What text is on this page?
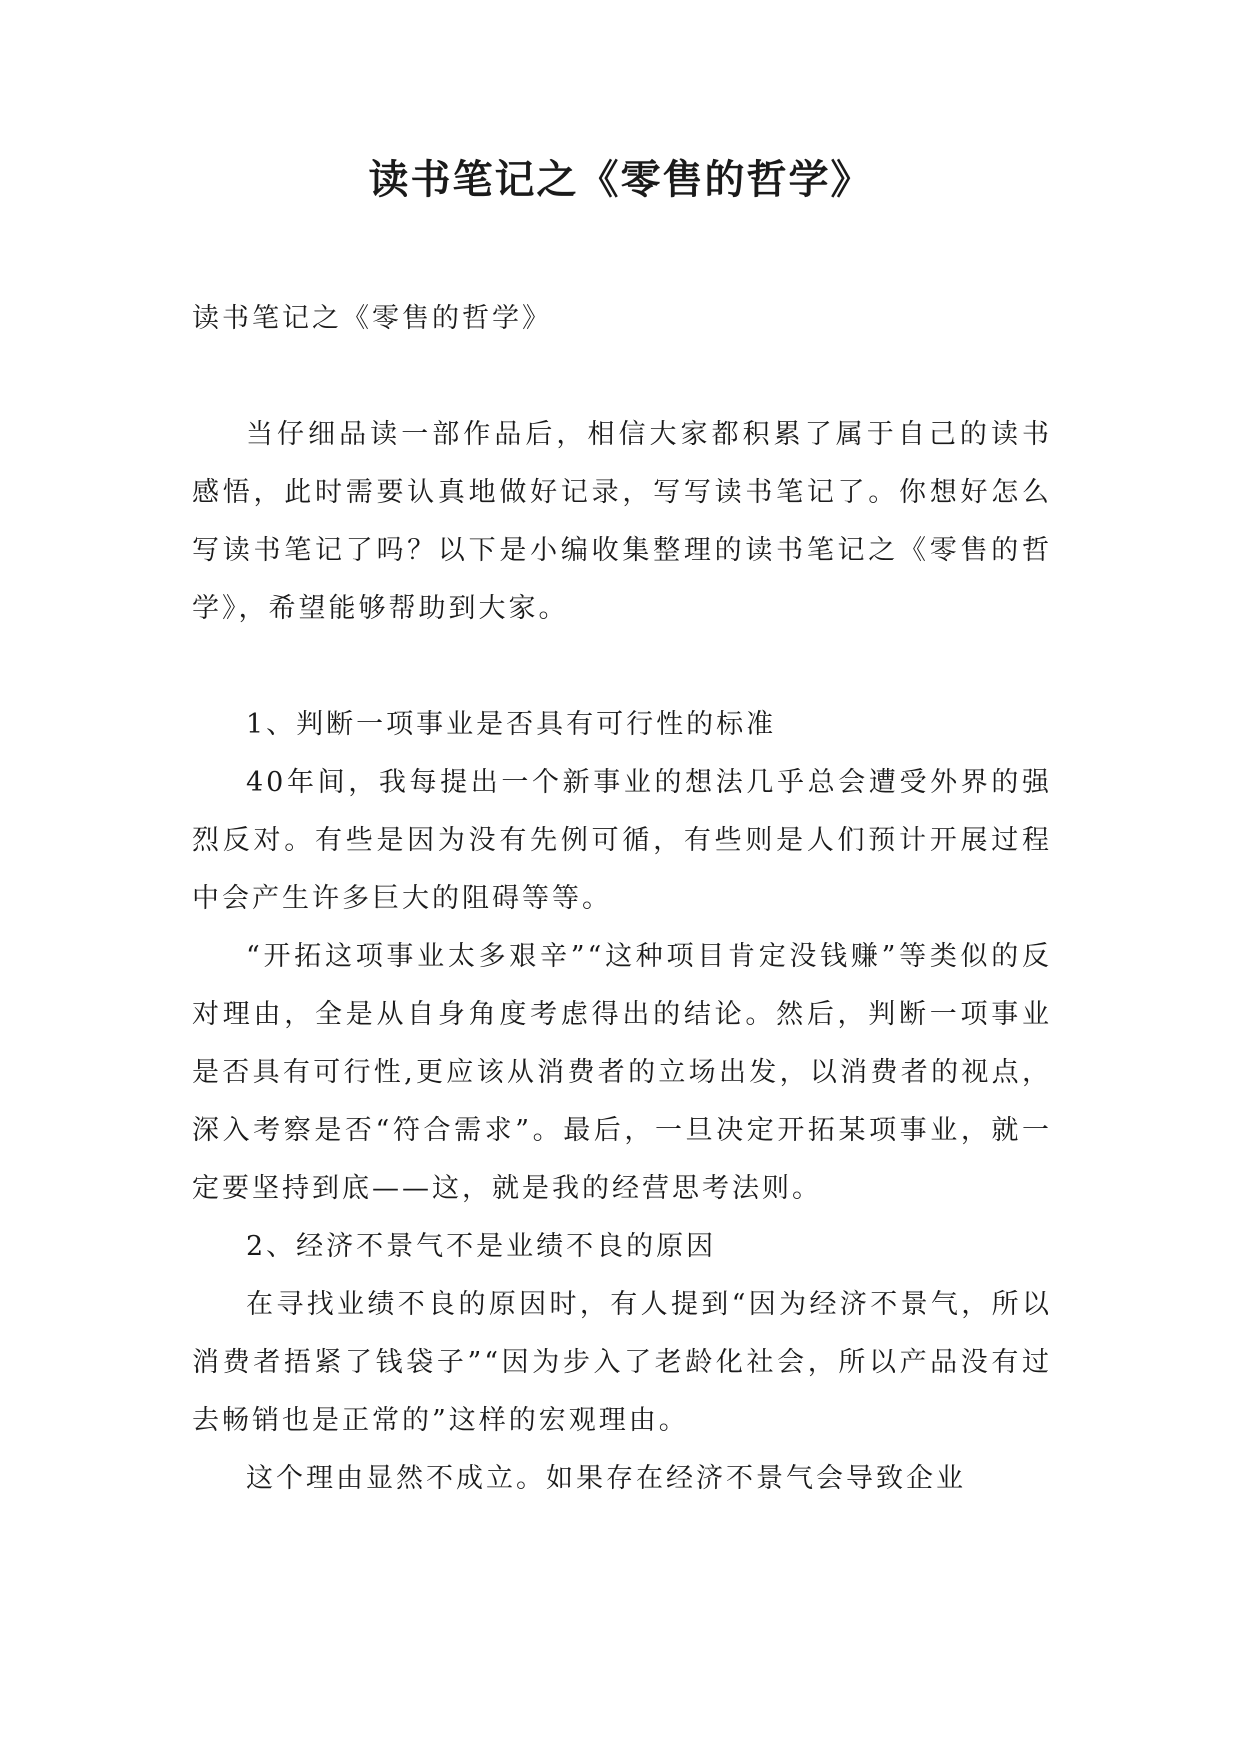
读书笔记之《零售的哲学》

读书笔记之《零售的哲学》

当仔细品读一部作品后，相信大家都积累了属于自己的读书感悟，此时需要认真地做好记录，写写读书笔记了。你想好怎么写读书笔记了吗？以下是小编收集整理的读书笔记之《零售的哲学》，希望能够帮助到大家。

1、判断一项事业是否具有可行性的标准

40年间，我每提出一个新事业的想法几乎总会遭受外界的强烈反对。有些是因为没有先例可循，有些则是人们预计开展过程中会产生许多巨大的阻碍等等。

“开拓这项事业太多艰辛”“这种项目肯定没钱赚”等类似的反对理由，全是从自身角度考虑得出的结论。然后，判断一项事业是否具有可行性,更应该从消费者的立场出发，以消费者的视点，深入考察是否“符合需求”。最后，一旦决定开拓某项事业，就一定要坚持到底——这，就是我的经营思考法则。

2、经济不景气不是业绩不良的原因

在寻找业绩不良的原因时，有人提到“因为经济不景气，所以消费者捂紧了钱袋子”“因为步入了老龄化社会，所以产品没有过去畅销也是正常的”这样的宏观理由。

这个理由显然不成立。如果存在经济不景气会导致企业
